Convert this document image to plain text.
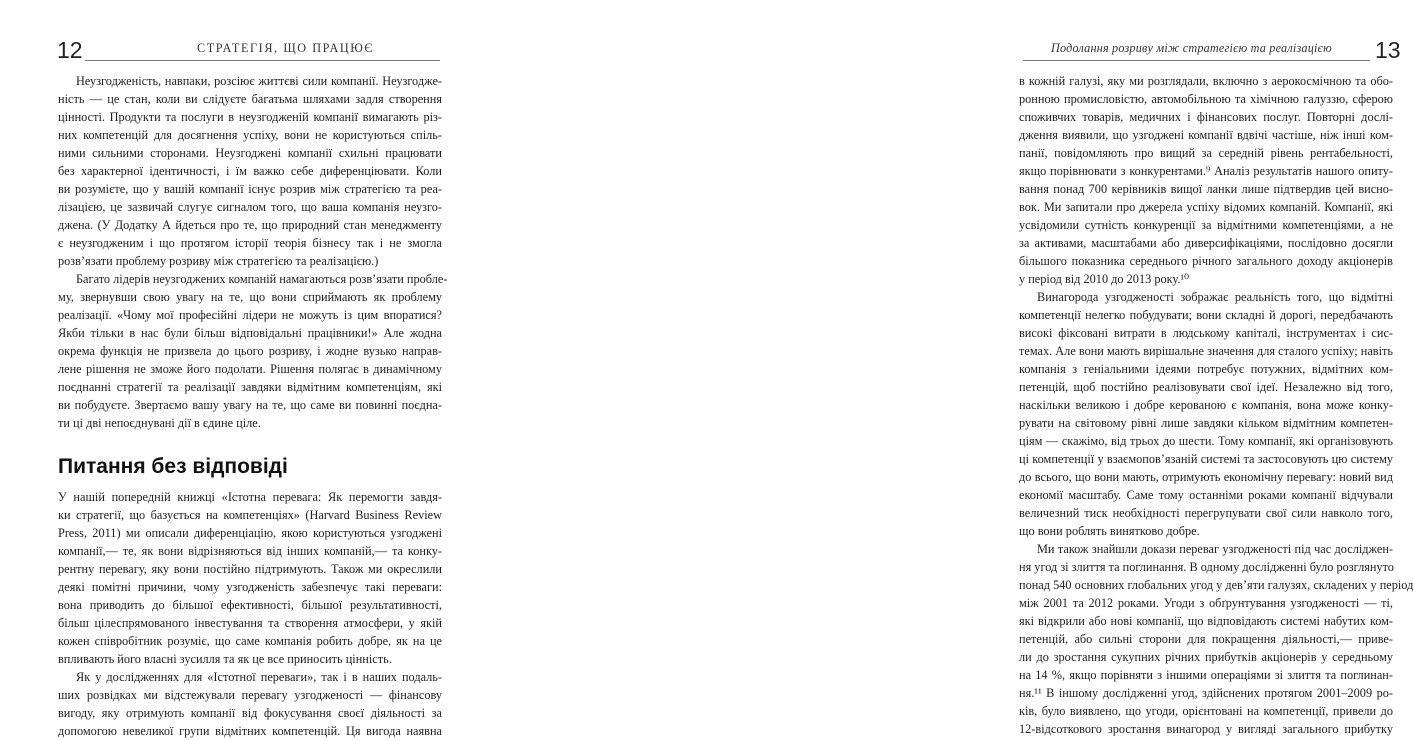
12	СТРАТЕГІЯ, ЩО ПРАЦЮЄ
Неузгодженість, навпаки, розсіює життєві сили компанії. Неузгодже-
ність — це стан, коли ви слідуєте багатьма шляхами задля створення
цінності. Продукти та послуги в неузгодженій компанії вимагають різ-
них компетенцій для досягнення успіху, вони не користуються спіль-
ними сильними сторонами. Неузгоджені компанії схильні працювати
без характерної ідентичності, і їм важко себе диференціювати. Коли
ви розумієте, що у вашій компанії існує розрив між стратегією та реа-
лізацією, це зазвичай слугує сигналом того, що ваша компанія неузго-
джена. (У Додатку А йдеться про те, що природний стан менеджменту
є неузгодженим і що протягом історії теорія бізнесу так і не змогла
розв’язати проблему розриву між стратегією та реалізацією.)
Багато лідерів неузгоджених компаній намагаються розв’язати пробле-
му, звернувши свою увагу на те, що вони сприймають як проблему
реалізації. «Чому мої професійні лідери не можуть із цим впоратися?
Якби тільки в нас були більш відповідальні працівники!» Але жодна
окрема функція не призвела до цього розриву, і жодне вузько направ-
лене рішення не зможе його подолати. Рішення полягає в динамічному
поєднанні стратегії та реалізації завдяки відмітним компетенціям, які
ви побудуєте. Звертаємо вашу увагу на те, що саме ви повинні поєдна-
ти ці дві непоєднувані дії в єдине ціле.
Питання без відповіді
У нашій попередній книжці «Істотна перевага: Як перемогти завдя-
ки стратегії, що базується на компетенціях» (Harvard Business Review
Press, 2011) ми описали диференціацію, якою користуються узгоджені
компанії,— те, як вони відрізняються від інших компаній,— та конку-
рентну перевагу, яку вони постійно підтримують. Також ми окреслили
деякі помітні причини, чому узгодженість забезпечує такі переваги:
вона приводить до більшої ефективності, більшої результативності,
більш цілеспрямованого інвестування та створення атмосфери, у якій
кожен співробітник розуміє, що саме компанія робить добре, як на це
впливають його власні зусилля та як це все приносить цінність.
Як у дослідженнях для «Істотної переваги», так і в наших подаль-
ших розвідках ми відстежували перевагу узгодженості — фінансову
вигоду, яку отримують компанії від фокусування своєї діяльності за
допомогою невеликої групи відмітних компетенцій. Ця вигода наявна
Подолання розриву між стратегією та реалізацією 13
в кожній галузі, яку ми розглядали, включно з аерокосмічною та обо-
ронною промисловістю, автомобільною та хімічною галуззю, сферою
споживчих товарів, медичних і фінансових послуг. Повторні дослі-
дження виявили, що узгоджені компанії вдвічі частіше, ніж інші ком-
панії, повідомляють про вищий за середній рівень рентабельності,
якщо порівнювати з конкурентами.⁹ Аналіз результатів нашого опиту-
вання понад 700 керівників вищої ланки лише підтвердив цей виснo-
вок. Ми запитали про джерела успіху відомих компаній. Компанії, які
усвідомили сутність конкуренції за відмітними компетенціями, а не
за активами, масштабами або диверсифікаціями, послідовно досягли
більшого показника середнього річного загального доходу акціонерів
у період від 2010 до 2013 року.¹⁰
Винагорода узгодженості зображає реальність того, що відмітні
компетенції нелегко побудувати; вони складні й дорогі, передбачають
високі фіксовані витрати в людському капіталі, інструментах і сис-
темах. Але вони мають вирішальне значення для сталого успіху; навіть
компанія з геніальними ідеями потребує потужних, відмітних ком-
петенцій, щоб постійно реалізовувати свої ідеї. Незалежно від того,
наскільки великою і добре керованою є компанія, вона може конку-
рувати на світовому рівні лише завдяки кільком відмітним компетен-
ціям — скажімо, від трьох до шести. Тому компанії, які організовують
ці компетенції у взаємопов’язаній системі та застосовують цю систему
до всього, що вони мають, отримують економічну перевагу: новий вид
економії масштабу. Саме тому останніми роками компанії відчували
величезний тиск необхідності перегрупувати свої сили навколо того,
що вони роблять винятково добре.
Ми також знайшли докази переваг узгодженості під час досліджен-
ня угод зі злиття та поглинання. В одному дослідженні було розглянуто
понад 540 основних глобальних угод у дев’яти галузях, складених у період
між 2001 та 2012 роками. Угоди з обґрунтування узгодженості — ті,
які відкрили або нові компанії, що відповідають системі набутих ком-
петенцій, або сильні сторони для покращення діяльності,— приве-
ли до зростання сукупних річних прибутків акціонерів у середньому
на 14 %, якщо порівняти з іншими операціями зі злиття та поглинан-
ня.¹¹ В іншому дослідженні угод, здійснених протягом 2001–2009 ро-
ків, було виявлено, що угоди, орієнтовані на компетенції, привели до
12-відсоткового зростання винагород у вигляді загального прибутку
